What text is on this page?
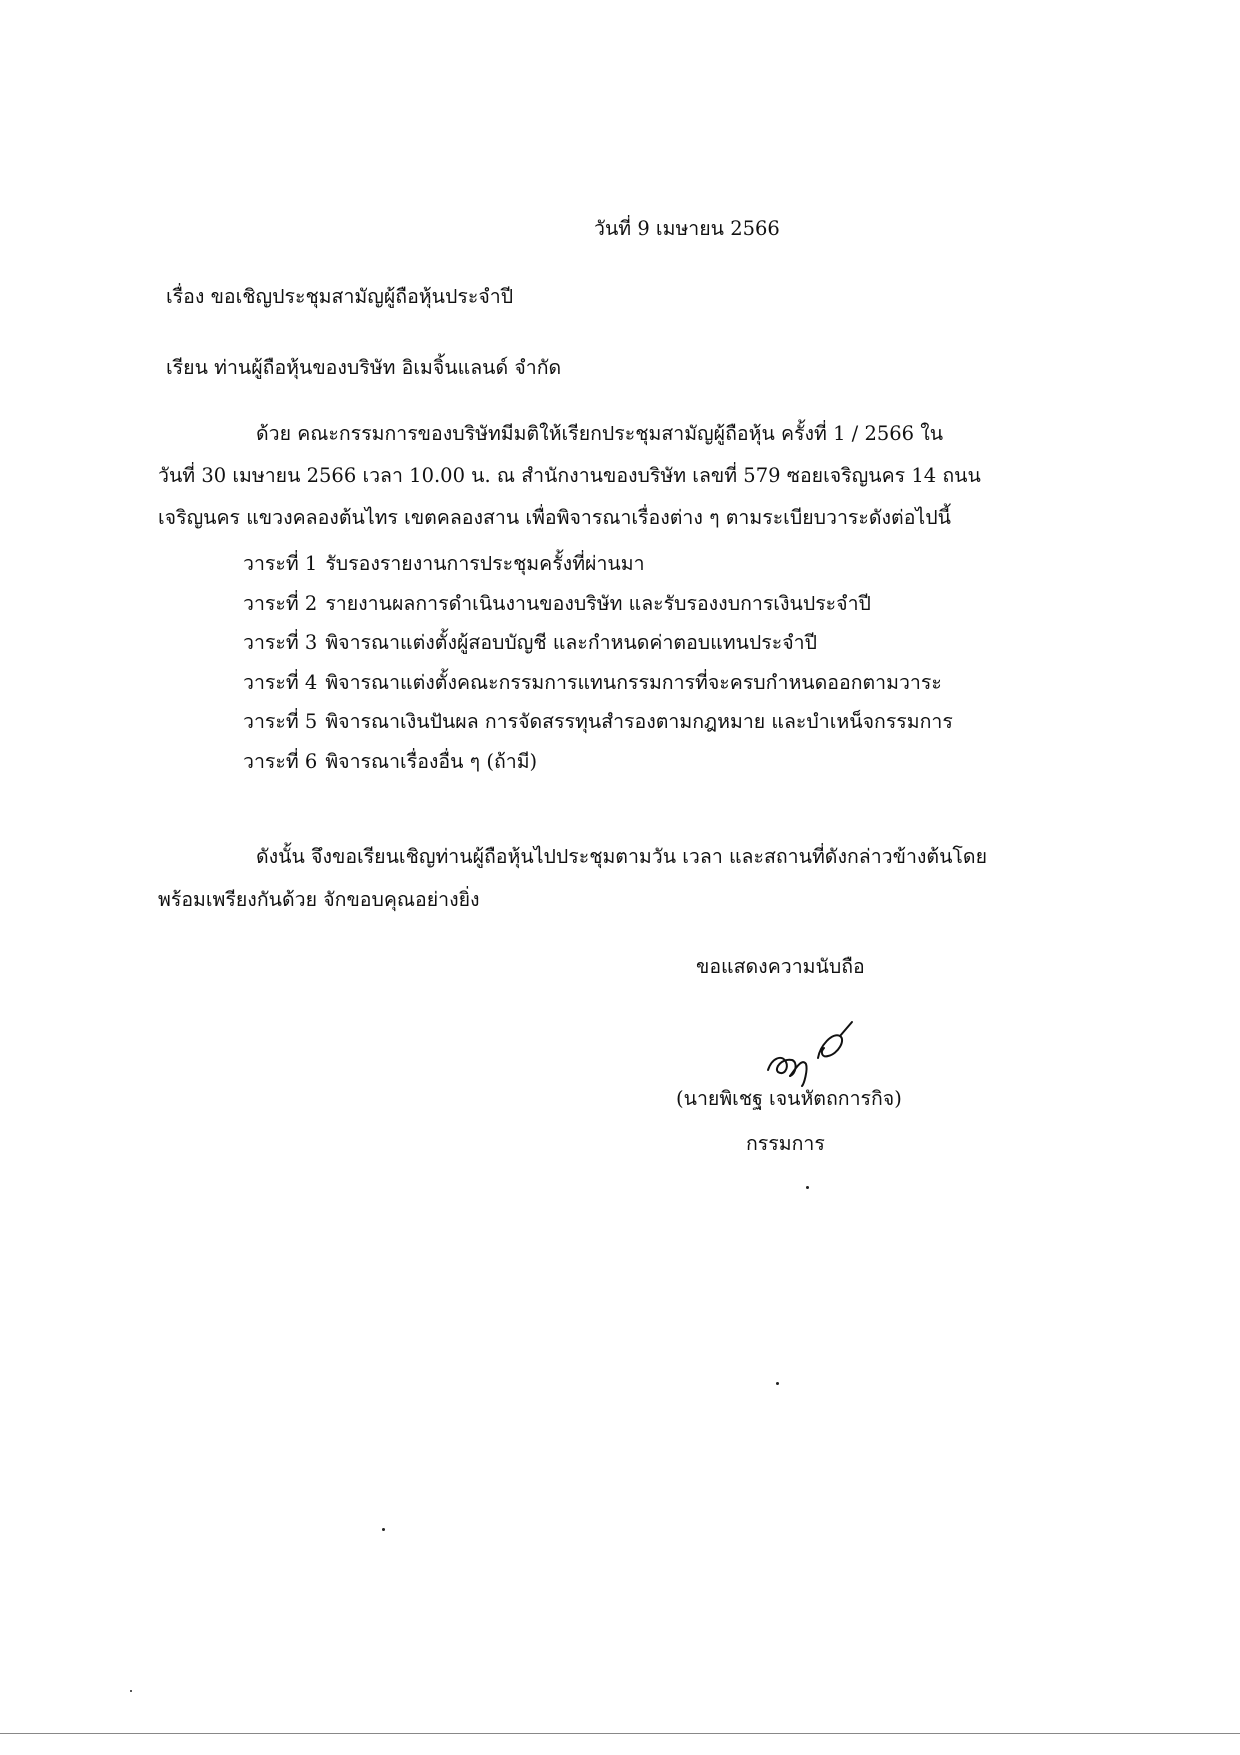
วันที่ 9 เมษายน 2566
เรื่อง ขอเชิญประชุมสามัญผู้ถือหุ้นประจำปี
เรียน ท่านผู้ถือหุ้นของบริษัท อิเมจิ้นแลนด์ จำกัด
ด้วย คณะกรรมการของบริษัทมีมติให้เรียกประชุมสามัญผู้ถือหุ้น ครั้งที่ 1 / 2566 ใน
วันที่ 30 เมษายน 2566 เวลา 10.00 น. ณ สำนักงานของบริษัท เลขที่ 579 ซอยเจริญนคร 14 ถนน
เจริญนคร แขวงคลองต้นไทร เขตคลองสาน เพื่อพิจารณาเรื่องต่าง ๆ ตามระเบียบวาระดังต่อไปนี้
วาระที่ 1 รับรองรายงานการประชุมครั้งที่ผ่านมา
วาระที่ 2 รายงานผลการดำเนินงานของบริษัท และรับรองงบการเงินประจำปี
วาระที่ 3 พิจารณาแต่งตั้งผู้สอบบัญชี และกำหนดค่าตอบแทนประจำปี
วาระที่ 4 พิจารณาแต่งตั้งคณะกรรมการแทนกรรมการที่จะครบกำหนดออกตามวาระ
วาระที่ 5 พิจารณาเงินปันผล การจัดสรรทุนสำรองตามกฎหมาย และบำเหน็จกรรมการ
วาระที่ 6 พิจารณาเรื่องอื่น ๆ (ถ้ามี)
ดังนั้น จึงขอเรียนเชิญท่านผู้ถือหุ้นไปประชุมตามวัน เวลา และสถานที่ดังกล่าวข้างต้นโดย
พร้อมเพรียงกันด้วย จักขอบคุณอย่างยิ่ง
ขอแสดงความนับถือ
(นายพิเชฐ เจนหัตถการกิจ)
กรรมการ
